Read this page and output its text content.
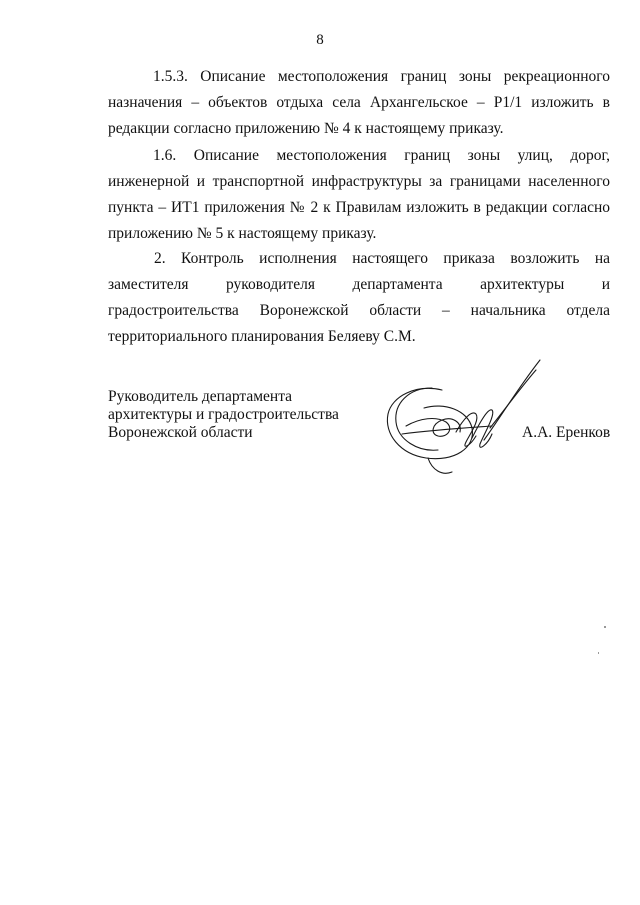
8

1.5.3. Описание местоположения границ зоны рекреационного назначения – объектов отдыха села Архангельское – Р1/1 изложить в редакции согласно приложению № 4 к настоящему приказу.

1.6. Описание местоположения границ зоны улиц, дорог, инженерной и транспортной инфраструктуры за границами населенного пункта – ИТ1 приложения № 2 к Правилам изложить в редакции согласно приложению № 5 к настоящему приказу.

2. Контроль исполнения настоящего приказа возложить на заместителя руководителя департамента архитектуры и градостроительства Воронежской области – начальника отдела территориального планирования Беляеву С.М.

Руководитель департамента
архитектуры и градостроительства
Воронежской области	А.А. Еренков
